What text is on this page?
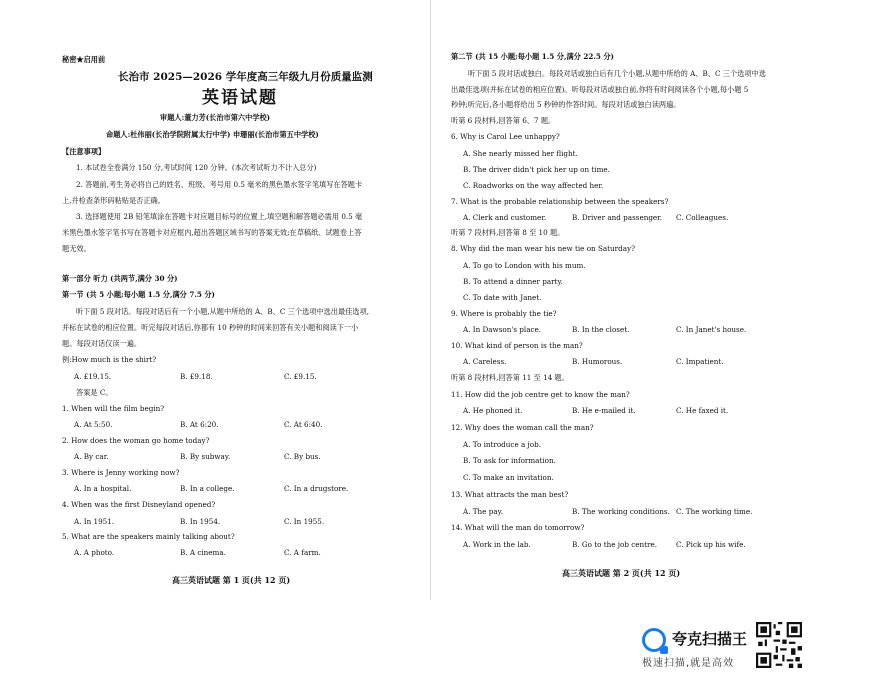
秘密★启用前
长治市 2025—2026 学年度高三年级九月份质量监测
英语试题
审题人:董力芳(长治市第六中学校)
命题人:杜伟丽(长治学院附属太行中学) 申珊丽(长治市第五中学校)
【注意事项】
1. 本试卷全卷满分 150 分,考试时间 120 分钟。(本次考试听力不计入总分)
2. 答题前,考生务必将自己的姓名、班级、考号用 0.5 毫米的黑色墨水签字笔填写在答题卡
上,并检查条形码粘贴是否正确。
3. 选择题使用 2B 铅笔填涂在答题卡对应题目标号的位置上,填空题和解答题必需用 0.5 毫
米黑色墨水签字笔书写在答题卡对应框内,超出答题区域书写的答案无效;在草稿纸、试题卷上答
题无效。
第一部分 听力 (共两节,满分 30 分)
第一节 (共 5 小题;每小题 1.5 分,满分 7.5 分)
听下面 5 段对话。每段对话后有一个小题,从题中所给的 A、B、C 三个选项中选出最佳选项,
并标在试卷的相应位置。听完每段对话后,你都有 10 秒钟的时间来回答有关小题和阅读下一小
题。每段对话仅读一遍。
例:How much is the shirt?
A. £19.15.	B. £9.18.	C. £9.15.
答案是 C。
1. When will the film begin?
A. At 5:50.	B. At 6:20.	C. At 6:40.
2. How does the woman go home today?
A. By car.	B. By subway.	C. By bus.
3. Where is Jenny working now?
A. In a hospital.	B. In a college.	C. In a drugstore.
4. When was the first Disneyland opened?
A. In 1951.	B. In 1954.	C. In 1955.
5. What are the speakers mainly talking about?
A. A photo.	B. A cinema.	C. A farm.
高三英语试题 第 1 页(共 12 页)
第二节 (共 15 小题;每小题 1.5 分,满分 22.5 分)
听下面 5 段对话或独白。每段对话或独白后有几个小题,从题中所给的 A、B、C 三个选项中选
出最佳选项(并标在试卷的相应位置)。听每段对话或独白前,你将有时间阅读各个小题,每小题 5
秒钟;听完后,各小题将给出 5 秒钟的作答时间。每段对话或独白读两遍。
听第 6 段材料,回答第 6、7 题。
6. Why is Carol Lee unhappy?
A. She nearly missed her flight.
B. The driver didn't pick her up on time.
C. Roadworks on the way affected her.
7. What is the probable relationship between the speakers?
A. Clerk and customer.	B. Driver and passenger. C. Colleagues.
听第 7 段材料,回答第 8 至 10 题。
8. Why did the man wear his new tie on Saturday?
A. To go to London with his mum.
B. To attend a dinner party.
C. To date with Janet.
9. Where is probably the tie?
A. In Dawson's place.	B. In the closet.	C. In Janet's house.
10. What kind of person is the man?
A. Careless.	B. Humorous.	C. Impatient.
听第 8 段材料,回答第 11 至 14 题。
11. How did the job centre get to know the man?
A. He phoned it.	B. He e-mailed it.	C. He faxed it.
12. Why does the woman call the man?
A. To introduce a job.
B. To ask for information.
C. To make an invitation.
13. What attracts the man best?
A. The pay.	B. The working conditions. C. The working time.
14. What will the man do tomorrow?
A. Work in the lab.	B. Go to the job centre.	C. Pick up his wife.
高三英语试题 第 2 页(共 12 页)
夸克扫描王
极速扫描,就是高效
